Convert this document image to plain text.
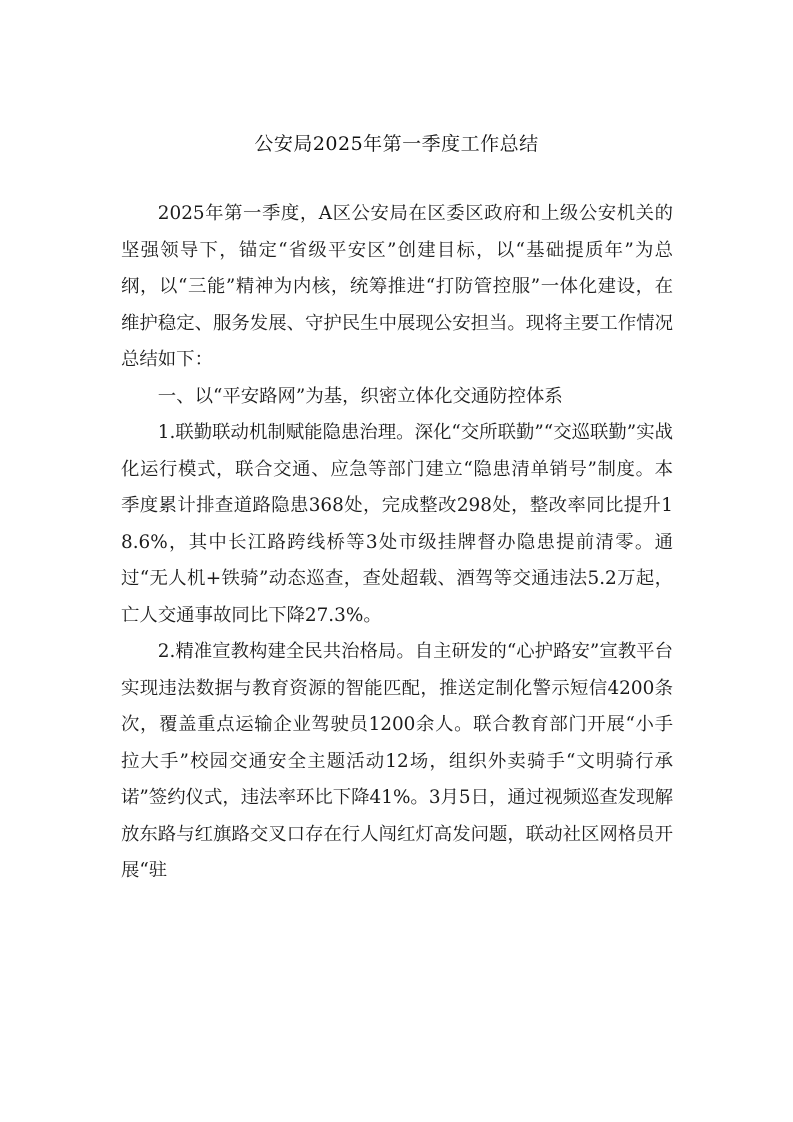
公安局2025年第一季度工作总结

2025年第一季度，A区公安局在区委区政府和上级公安机关的坚强领导下，锚定“省级平安区”创建目标，以“基础提质年”为总纲，以“三能”精神为内核，统筹推进“打防管控服”一体化建设，在维护稳定、服务发展、守护民生中展现公安担当。现将主要工作情况总结如下：

一、以“平安路网”为基，织密立体化交通防控体系

1.联勤联动机制赋能隐患治理。深化“交所联勤”“交巡联勤”实战化运行模式，联合交通、应急等部门建立“隐患清单销号”制度。本季度累计排查道路隐患368处，完成整改298处，整改率同比提升18.6%，其中长江路跨线桥等3处市级挂牌督办隐患提前清零。通过“无人机+铁骑”动态巡查，查处超载、酒驾等交通违法5.2万起，亡人交通事故同比下降27.3%。

2.精准宣教构建全民共治格局。自主研发的“心护路安”宣教平台实现违法数据与教育资源的智能匹配，推送定制化警示短信4200条次，覆盖重点运输企业驾驶员1200余人。联合教育部门开展“小手拉大手”校园交通安全主题活动12场，组织外卖骑手“文明骑行承诺”签约仪式，违法率环比下降41%。3月5日，通过视频巡查发现解放东路与红旗路交叉口存在行人闯红灯高发问题，联动社区网格员开展“驻
